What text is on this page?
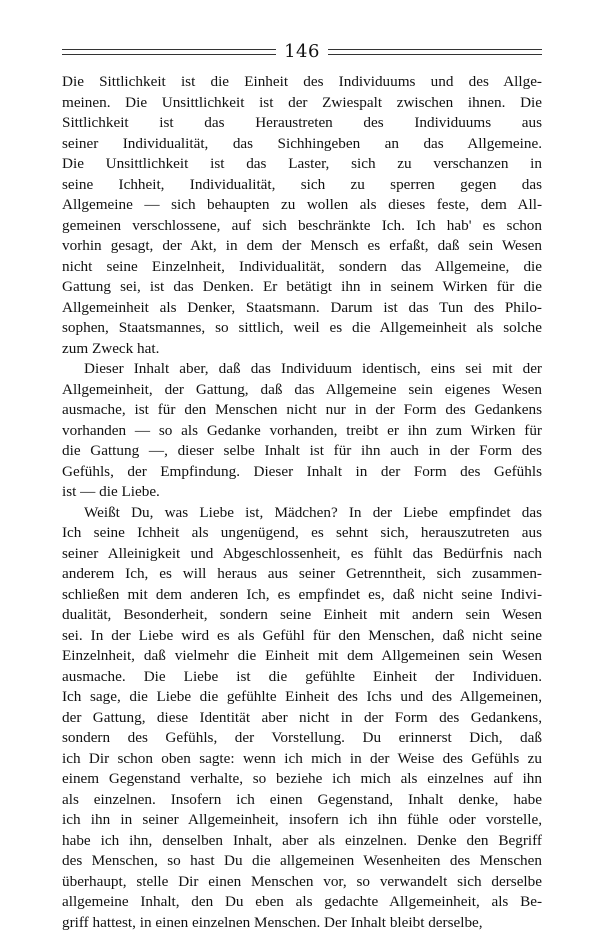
146
Die Sittlichkeit ist die Einheit des Individuums und des Allge-
meinen. Die Unsittlichkeit ist der Zwiespalt zwischen ihnen. Die
Sittlichkeit ist das Heraustreten des Individuums aus
seiner Individualität, das Sichhingeben an das Allgemeine.
Die Unsittlichkeit ist das Laster, sich zu verschanzen in
seine Ichheit, Individualität, sich zu sperren gegen das
Allgemeine — sich behaupten zu wollen als dieses feste, dem All-
gemeinen verschlossene, auf sich beschränkte Ich. Ich hab' es schon
vorhin gesagt, der Akt, in dem der Mensch es erfaßt, daß sein Wesen
nicht seine Einzelnheit, Individualität, sondern das Allgemeine, die
Gattung sei, ist das Denken. Er betätigt ihn in seinem Wirken für die
Allgemeinheit als Denker, Staatsmann. Darum ist das Tun des Philo-
sophen, Staatsmannes, so sittlich, weil es die Allgemeinheit als solche
zum Zweck hat.
Dieser Inhalt aber, daß das Individuum identisch, eins sei mit der
Allgemeinheit, der Gattung, daß das Allgemeine sein eigenes Wesen
ausmache, ist für den Menschen nicht nur in der Form des Gedankens
vorhanden — so als Gedanke vorhanden, treibt er ihn zum Wirken für
die Gattung —, dieser selbe Inhalt ist für ihn auch in der Form des
Gefühls, der Empfindung. Dieser Inhalt in der Form des Gefühls
ist — die Liebe.
Weißt Du, was Liebe ist, Mädchen? In der Liebe empfindet das
Ich seine Ichheit als ungenügend, es sehnt sich, herauszutreten aus
seiner Alleinigkeit und Abgeschlossenheit, es fühlt das Bedürfnis nach
anderem Ich, es will heraus aus seiner Getrenntheit, sich zusammen-
schließen mit dem anderen Ich, es empfindet es, daß nicht seine Indivi-
dualität, Besonderheit, sondern seine Einheit mit andern sein Wesen
sei. In der Liebe wird es als Gefühl für den Menschen, daß nicht seine
Einzelnheit, daß vielmehr die Einheit mit dem Allgemeinen sein Wesen
ausmache. Die Liebe ist die gefühlte Einheit der Individuen.
Ich sage, die Liebe die gefühlte Einheit des Ichs und des Allgemeinen,
der Gattung, diese Identität aber nicht in der Form des Gedankens,
sondern des Gefühls, der Vorstellung. Du erinnerst Dich, daß
ich Dir schon oben sagte: wenn ich mich in der Weise des Gefühls zu
einem Gegenstand verhalte, so beziehe ich mich als einzelnes auf ihn
als einzelnen. Insofern ich einen Gegenstand, Inhalt denke, habe
ich ihn in seiner Allgemeinheit, insofern ich ihn fühle oder vorstelle,
habe ich ihn, denselben Inhalt, aber als einzelnen. Denke den Begriff
des Menschen, so hast Du die allgemeinen Wesenheiten des Menschen
überhaupt, stelle Dir einen Menschen vor, so verwandelt sich derselbe
allgemeine Inhalt, den Du eben als gedachte Allgemeinheit, als Be-
griff hattest, in einen einzelnen Menschen. Der Inhalt bleibt derselbe,
